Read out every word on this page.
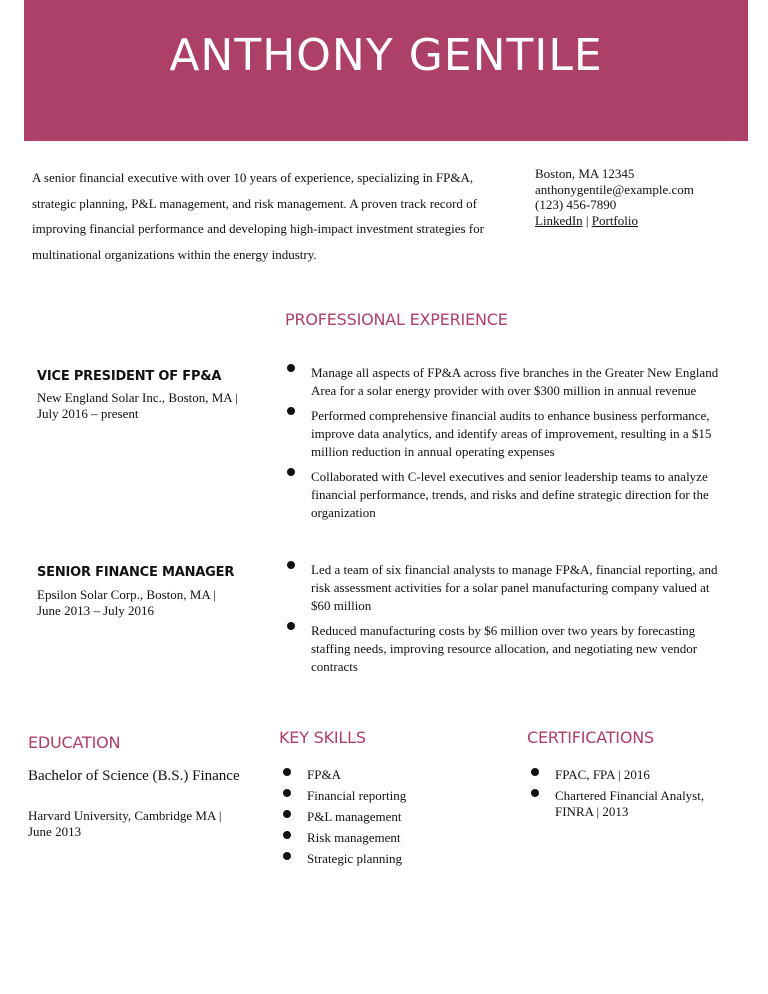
ANTHONY GENTILE

A senior financial executive with over 10 years of experience, specializing in FP&A, strategic planning, P&L management, and risk management. A proven track record of improving financial performance and developing high-impact investment strategies for multinational organizations within the energy industry.

Boston, MA 12345
anthonygentile@example.com
(123) 456-7890
LinkedIn | Portfolio
PROFESSIONAL EXPERIENCE
VICE PRESIDENT OF FP&A
New England Solar Inc., Boston, MA | July 2016 – present
Manage all aspects of FP&A across five branches in the Greater New England Area for a solar energy provider with over $300 million in annual revenue
Performed comprehensive financial audits to enhance business performance, improve data analytics, and identify areas of improvement, resulting in a $15 million reduction in annual operating expenses
Collaborated with C-level executives and senior leadership teams to analyze financial performance, trends, and risks and define strategic direction for the organization
SENIOR FINANCE MANAGER
Epsilon Solar Corp., Boston, MA | June 2013 – July 2016
Led a team of six financial analysts to manage FP&A, financial reporting, and risk assessment activities for a solar panel manufacturing company valued at $60 million
Reduced manufacturing costs by $6 million over two years by forecasting staffing needs, improving resource allocation, and negotiating new vendor contracts
EDUCATION
Bachelor of Science (B.S.) Finance
Harvard University, Cambridge MA | June 2013
KEY SKILLS
FP&A
Financial reporting
P&L management
Risk management
Strategic planning
CERTIFICATIONS
FPAC, FPA | 2016
Chartered Financial Analyst, FINRA | 2013
